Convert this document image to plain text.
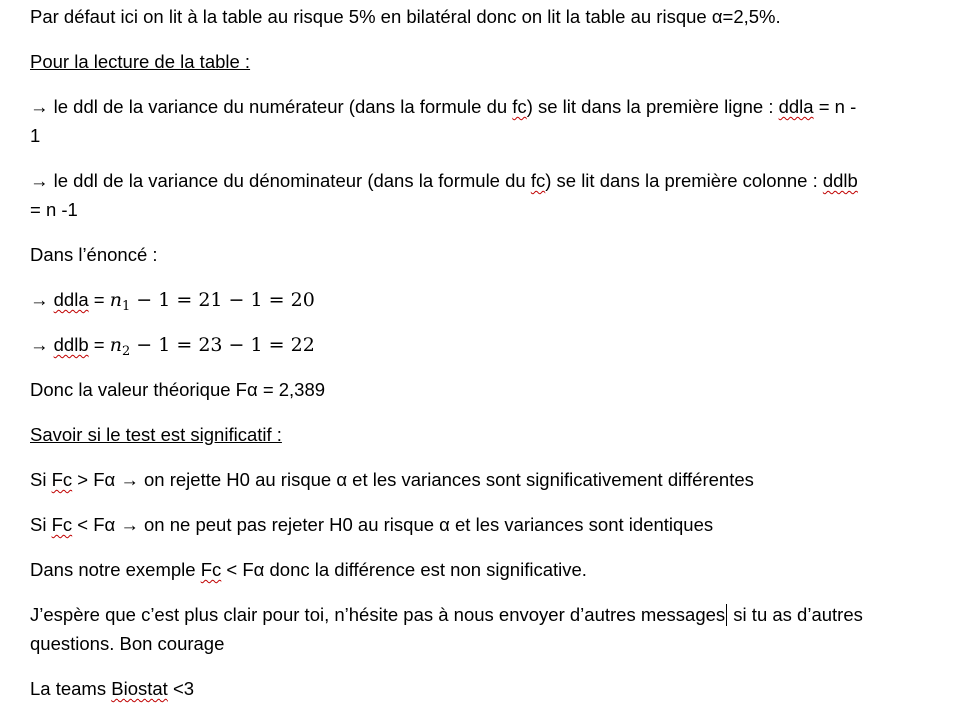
Par défaut ici on lit à la table au risque 5% en bilatéral donc on lit la table au risque α=2,5%.
Pour la lecture de la table :
→ le ddl de la variance du numérateur (dans la formule du fc) se lit dans la première ligne : ddla = n -
1
→ le ddl de la variance du dénominateur (dans la formule du fc) se lit dans la première colonne : ddlb
= n -1
Dans l’énoncé :
→ ddla = $n_1 - 1 = 21 - 1 = 20$
→ ddlb = $n_2 - 1 = 23 - 1 = 22$
Donc la valeur théorique Fα = 2,389
Savoir si le test est significatif :
Si Fc > Fα → on rejette H0 au risque α et les variances sont significativement différentes
Si Fc < Fα → on ne peut pas rejeter H0 au risque α et les variances sont identiques
Dans notre exemple Fc < Fα donc la différence est non significative.
J’espère que c’est plus clair pour toi, n’hésite pas à nous envoyer d’autres messages si tu as d’autres
questions. Bon courage
La teams Biostat <3
